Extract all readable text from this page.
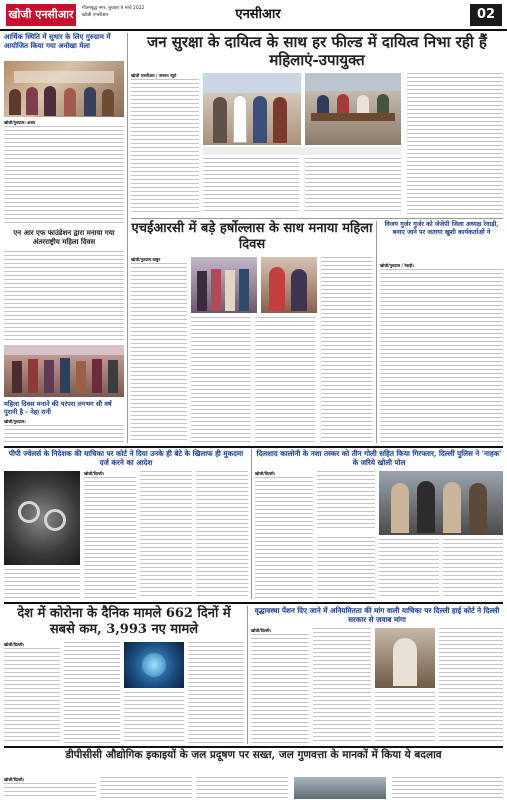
खोजी एनसीआर	गौतमबुद्ध नगर, बुधवार 9 मार्च 2022
खोजी एनसीआर	एनसीआर	02
आर्थिक स्थिति में सुधार के लिए गुरुग्राम में आयोजित किया गया अनोखा मेला
खोजी/गुरुग्राम। अजय
एन आर एफ फाउंडेशन द्वारा मनाया गया अंतरराष्ट्रीय महिला दिवस
महिला दिवस मनाने की परंपरा लगभग सौ वर्ष पुरानी है - नेहा रानी
खोजी/गुरुग्राम।
जन सुरक्षा के दायित्व के साथ हर फील्ड में दायित्व निभा रही हैं महिलाएं-उपायुक्त
खोजी एनसीआर / जनमत ब्यूरो
एचईआरसी में बड़े हर्षोल्लास के साथ मनाया महिला दिवस
खोजी/गुरुग्राम बाबुन
विजय गुर्जर गुर्जर को जेजेपी जिला अध्यक्ष रेवाड़ी, बनाए जाने पर जताया खुशी कार्यकर्ताओं ने
खोजी/गुरुग्राम / रेवाड़ी।
पीपी ज्वेलर्स के निदेशक की याचिका पर कोर्ट ने दिया उनके ही बेटे के खिलाफ ही मुकदमा दर्ज करने का आदेश
खोजी/दिल्ली।
दिलशाद कालोनी के नशा तस्कर को तीन गोली सहित किया गिरफ्तार, दिल्ली पुलिस ने 'नाहक' के जरिये खोली पोल
खोजी/दिल्ली।
देश में कोरोना के दैनिक मामले 662 दिनों में सबसे कम, 3,993 नए मामले
खोजी/दिल्ली।
वृद्धावस्था पेंशन दिए जाने में अनियमितता की मांग वाली याचिका पर दिल्ली हाई कोर्ट ने दिल्ली सरकार से जवाब मांगा
खोजी/दिल्ली।
डीपीसीसी औद्योगिक इकाइयों के जल प्रदूषण पर सख्त, जल गुणवत्ता के मानकों में किया ये बदलाव
खोजी/दिल्ली।
